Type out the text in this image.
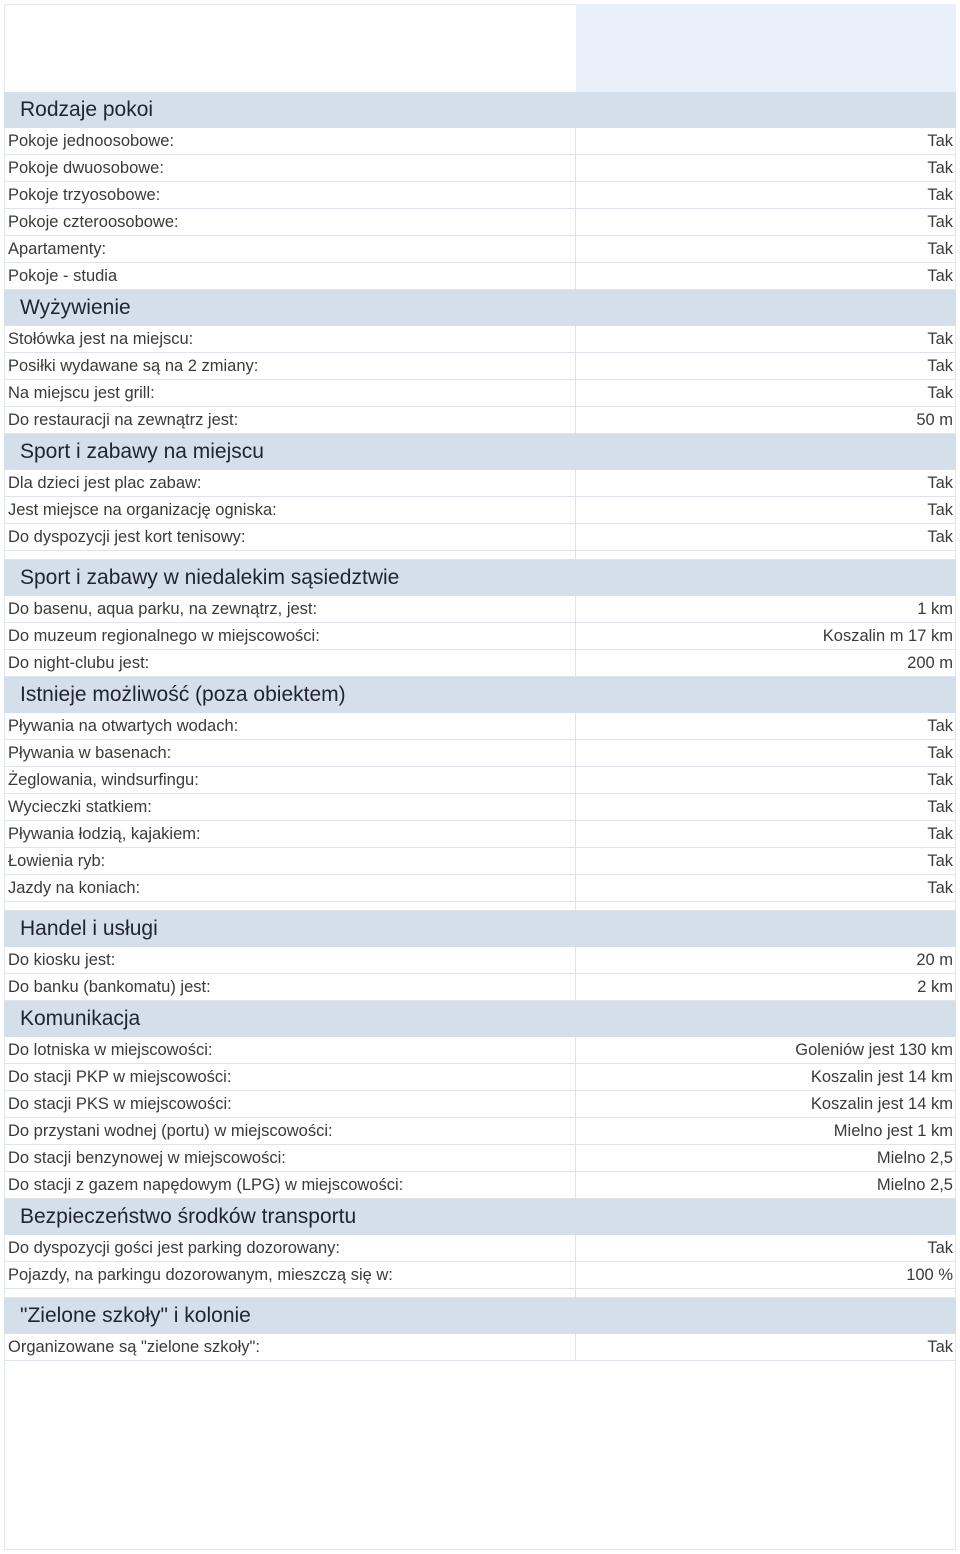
Rodzaje pokoi
Pokoje jednoosobowe:	Tak
Pokoje dwuosobowe:	Tak
Pokoje trzyosobowe:	Tak
Pokoje czteroosobowe:	Tak
Apartamenty:	Tak
Pokoje - studia	Tak
Wyżywienie
Stołówka jest na miejscu:	Tak
Posiłki wydawane są na 2 zmiany:	Tak
Na miejscu jest grill:	Tak
Do restauracji na zewnątrz jest:	50 m
Sport i zabawy na miejscu
Dla dzieci jest plac zabaw:	Tak
Jest miejsce na organizację ogniska:	Tak
Do dyspozycji jest kort tenisowy:	Tak
Sport i zabawy w niedalekim sąsiedztwie
Do basenu, aqua parku, na zewnątrz, jest:	1 km
Do muzeum regionalnego w miejscowości:	Koszalin m 17 km
Do night-clubu jest:	200 m
Istnieje możliwość (poza obiektem)
Pływania na otwartych wodach:	Tak
Pływania w basenach:	Tak
Żeglowania, windsurfingu:	Tak
Wycieczki statkiem:	Tak
Pływania łodzią, kajakiem:	Tak
Łowienia ryb:	Tak
Jazdy na koniach:	Tak
Handel i usługi
Do kiosku jest:	20 m
Do banku (bankomatu) jest:	2 km
Komunikacja
Do lotniska w miejscowości:	Goleniów jest 130 km
Do stacji PKP w miejscowości:	Koszalin jest 14 km
Do stacji PKS w miejscowości:	Koszalin jest 14 km
Do przystani wodnej (portu) w miejscowości:	Mielno jest 1 km
Do stacji benzynowej w miejscowości:	Mielno 2,5
Do stacji z gazem napędowym (LPG) w miejscowości:	Mielno 2,5
Bezpieczeństwo środków transportu
Do dyspozycji gości jest parking dozorowany:	Tak
Pojazdy, na parkingu dozorowanym, mieszczą się w:	100 %
"Zielone szkoły" i kolonie
Organizowane są "zielone szkoły":	Tak
